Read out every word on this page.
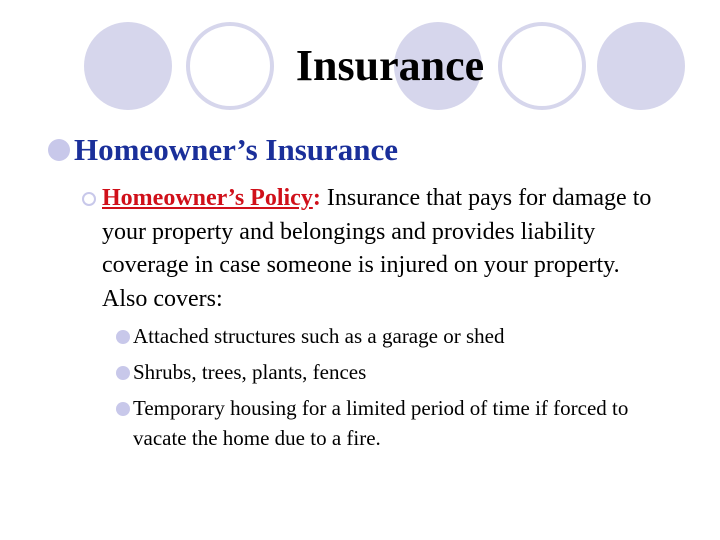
Insurance
Homeowner’s Insurance
Homeowner’s Policy: Insurance that pays for damage to your property and belongings and provides liability coverage in case someone is injured on your property. Also covers:
Attached structures such as a garage or shed
Shrubs, trees, plants, fences
Temporary housing for a limited period of time if forced to vacate the home due to a fire.
